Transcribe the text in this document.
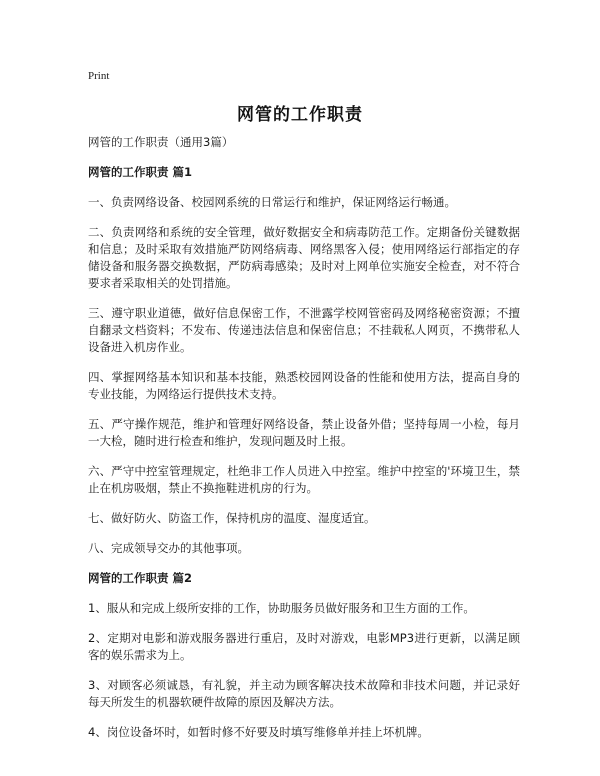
Print
网管的工作职责

网管的工作职责（通用3篇）

网管的工作职责 篇1

一、负责网络设备、校园网系统的日常运行和维护，保证网络运行畅通。

二、负责网络和系统的安全管理，做好数据安全和病毒防范工作。定期备份关键数据和信息；及时采取有效措施严防网络病毒、网络黑客入侵；使用网络运行部指定的存储设备和服务器交换数据，严防病毒感染；及时对上网单位实施安全检查，对不符合要求者采取相关的处罚措施。

三、遵守职业道德，做好信息保密工作，不泄露学校网管密码及网络秘密资源；不擅自翻录文档资料；不发布、传递违法信息和保密信息；不挂载私人网页，不携带私人设备进入机房作业。

四、掌握网络基本知识和基本技能，熟悉校园网设备的性能和使用方法，提高自身的专业技能，为网络运行提供技术支持。

五、严守操作规范，维护和管理好网络设备，禁止设备外借；坚持每周一小检，每月一大检，随时进行检查和维护，发现问题及时上报。

六、严守中控室管理规定，杜绝非工作人员进入中控室。维护中控室的'环境卫生，禁止在机房吸烟，禁止不换拖鞋进机房的行为。

七、做好防火、防盗工作，保持机房的温度、湿度适宜。

八、完成领导交办的其他事项。

网管的工作职责 篇2

1、服从和完成上级所安排的工作，协助服务员做好服务和卫生方面的工作。

2、定期对电影和游戏服务器进行重启，及时对游戏，电影MP3进行更新，以满足顾客的娱乐需求为上。

3、对顾客必须诚恳，有礼貌，并主动为顾客解决技术故障和非技术问题，并记录好每天所发生的机器软硬件故障的原因及解决方法。

4、岗位设备坏时，如暂时修不好要及时填写维修单并挂上坏机牌。
